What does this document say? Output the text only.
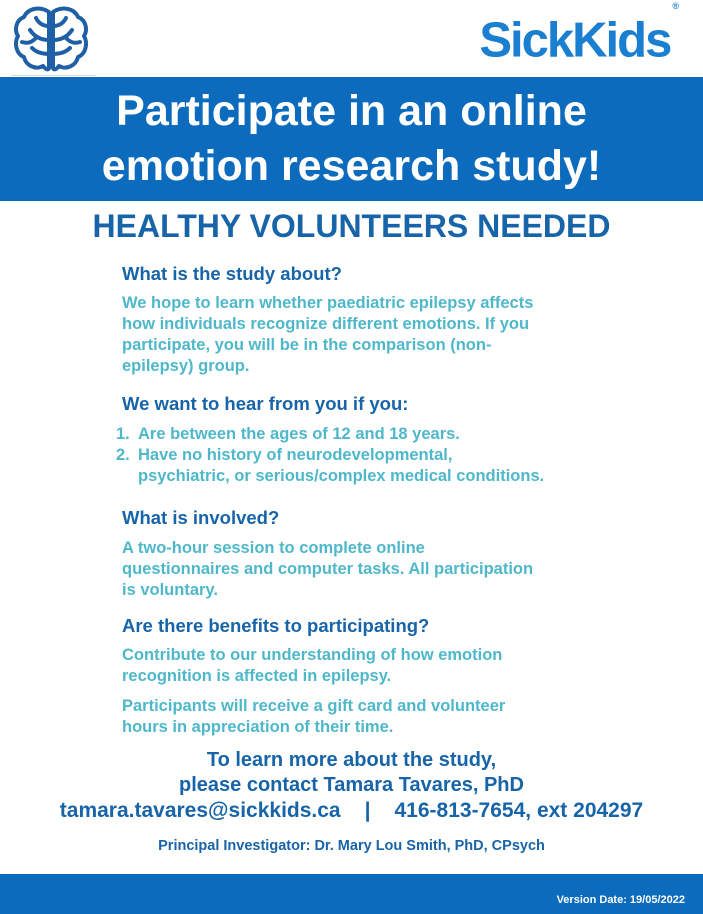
SickKids®
Participate in an online
emotion research study!
HEALTHY VOLUNTEERS NEEDED
What is the study about?
We hope to learn whether paediatric epilepsy affects
how individuals recognize different emotions. If you
participate, you will be in the comparison (non-
epilepsy) group.
We want to hear from you if you:
1. Are between the ages of 12 and 18 years.
2. Have no history of neurodevelopmental,
psychiatric, or serious/complex medical conditions.
What is involved?
A two-hour session to complete online
questionnaires and computer tasks. All participation
is voluntary.
Are there benefits to participating?
Contribute to our understanding of how emotion
recognition is affected in epilepsy.
Participants will receive a gift card and volunteer
hours in appreciation of their time.
To learn more about the study,
please contact Tamara Tavares, PhD
tamara.tavares@sickkids.ca | 416-813-7654, ext 204297
Principal Investigator: Dr. Mary Lou Smith, PhD, CPsych
Version Date: 19/05/2022
